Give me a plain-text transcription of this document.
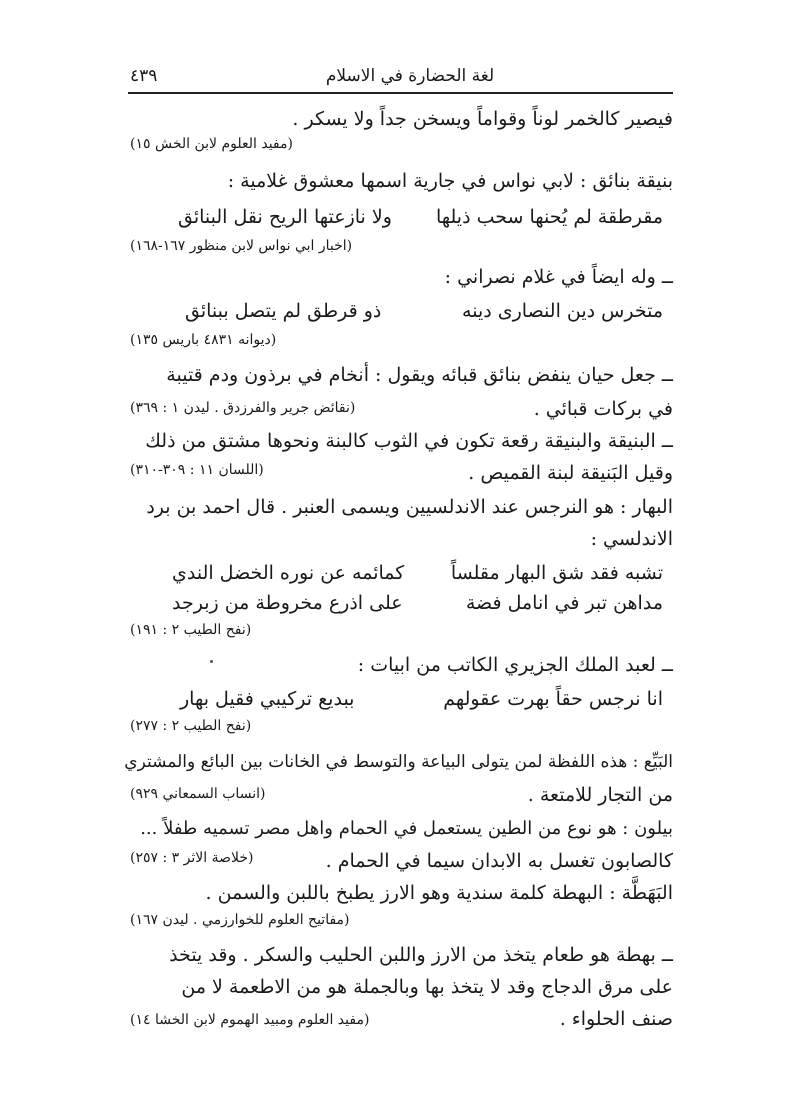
لغة الحضارة في الاسلام
٤٣٩
فيصير كالخمر لوناً وقواماً ويسخن جداً ولا يسكر .
(مفيد العلوم لابن الخش ١٥)
بنيقة بنائق : لابي نواس في جارية اسمها معشوق غلامية :
مقرطقة لم يُحنها سحب ذيلها
ولا نازعتها الريح نقل البنائق
(اخبار ابي نواس لابن منظور ١٦٧-١٦٨)
ــ وله ايضاً في غلام نصراني :
متخرس دين النصارى دينه
ذو قرطق لم يتصل ببنائق
(ديوانه ٤٨٣١ باريس ١٣٥)
ــ جعل حيان ينفض بنائق قبائه ويقول : أنخام في برذون ودم قتيبة
في بركات قبائي .
(نقائض جرير والفرزدق . ليدن ١ : ٣٦٩)
ــ البنيقة والبنيقة رقعة تكون في الثوب كالبنة ونحوها مشتق من ذلك
وقيل البَنيقة لبنة القميص .
(اللسان ١١ : ٣٠٩-٣١٠)
البهار : هو النرجس عند الاندلسيين ويسمى العنبر . قال احمد بن برد
الاندلسي :
تشبه فقد شق البهار مقلساً
كمائمه عن نوره الخضل الندي
مداهن تبر في انامل فضة
على اذرع مخروطة من زبرجد
(نفح الطيب ٢ : ١٩١)
ــ لعبد الملك الجزيري الكاتب من ابيات :
انا نرجس حقاً بهرت عقولهم
ببديع تركيبي فقيل بهار
(نفح الطيب ٢ : ٢٧٧)
البَيِّع : هذه اللفظة لمن يتولى البياعة والتوسط في الخانات بين البائع والمشتري
من التجار للامتعة .
(انساب السمعاني ٩٢٩)
بيلون : هو نوع من الطين يستعمل في الحمام واهل مصر تسميه طفلاً ...
كالصابون تغسل به الابدان سيما في الحمام .
(خلاصة الاثر ٣ : ٢٥٧)
البَهَطَّة : البهطة كلمة سندية وهو الارز يطبخ باللبن والسمن .
(مفاتيح العلوم للخوارزمي . ليدن ١٦٧)
ــ بهطة هو طعام يتخذ من الارز واللبن الحليب والسكر . وقد يتخذ
على مرق الدجاج وقد لا يتخذ بها وبالجملة هو من الاطعمة لا من
صنف الحلواء .
(مفيد العلوم ومبيد الهموم لابن الخشا ١٤)
